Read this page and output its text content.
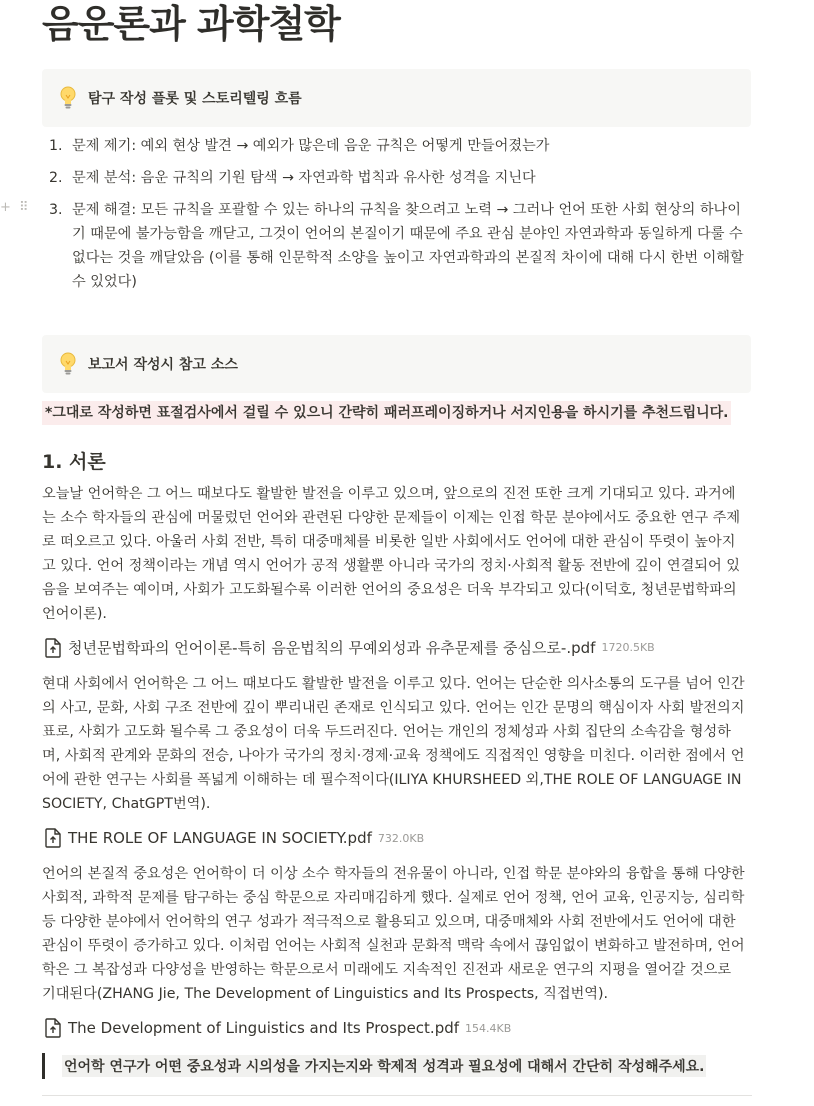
음운론과 과학철학
탐구 작성 플롯 및 스토리텔링 흐름
+ ⠿
1. 문제 제기: 예외 현상 발견 → 예외가 많은데 음운 규칙은 어떻게 만들어졌는가
2. 문제 분석: 음운 규칙의 기원 탐색 → 자연과학 법칙과 유사한 성격을 지닌다
3. 문제 해결: 모든 규칙을 포괄할 수 있는 하나의 규칙을 찾으려고 노력 → 그러나 언어 또한 사회 현상의 하나이기 때문에 불가능함을 깨닫고, 그것이 언어의 본질이기 때문에 주요 관심 분야인 자연과학과 동일하게 다룰 수 없다는 것을 깨달았음 (이를 통해 인문학적 소양을 높이고 자연과학과의 본질적 차이에 대해 다시 한번 이해할 수 있었다)
보고서 작성시 참고 소스
*그대로 작성하면 표절검사에서 걸릴 수 있으니 간략히 패러프레이징하거나 서지인용을 하시기를 추천드립니다.
1. 서론

오늘날 언어학은 그 어느 때보다도 활발한 발전을 이루고 있으며, 앞으로의 진전 또한 크게 기대되고 있다. 과거에는 소수 학자들의 관심에 머물렀던 언어와 관련된 다양한 문제들이 이제는 인접 학문 분야에서도 중요한 연구 주제로 떠오르고 있다. 아울러 사회 전반, 특히 대중매체를 비롯한 일반 사회에서도 언어에 대한 관심이 뚜렷이 높아지고 있다. 언어 정책이라는 개념 역시 언어가 공적 생활뿐 아니라 국가의 정치·사회적 활동 전반에 깊이 연결되어 있음을 보여주는 예이며, 사회가 고도화될수록 이러한 언어의 중요성은 더욱 부각되고 있다(이덕호, 청년문법학파의 언어이론).

청년문법학파의 언어이론-특히 음운법칙의 무예외성과 유추문제를 중심으로-.pdf 1720.5KB

현대 사회에서 언어학은 그 어느 때보다도 활발한 발전을 이루고 있다. 언어는 단순한 의사소통의 도구를 넘어 인간의 사고, 문화, 사회 구조 전반에 깊이 뿌리내린 존재로 인식되고 있다. 언어는 인간 문명의 핵심이자 사회 발전의지표로, 사회가 고도화 될수록 그 중요성이 더욱 두드러진다. 언어는 개인의 정체성과 사회 집단의 소속감을 형성하며, 사회적 관계와 문화의 전승, 나아가 국가의 정치·경제·교육 정책에도 직접적인 영향을 미친다. 이러한 점에서 언어에 관한 연구는 사회를 폭넓게 이해하는 데 필수적이다(ILIYA KHURSHEED 외,THE ROLE OF LANGUAGE IN SOCIETY, ChatGPT번역).

THE ROLE OF LANGUAGE IN SOCIETY.pdf 732.0KB

언어의 본질적 중요성은 언어학이 더 이상 소수 학자들의 전유물이 아니라, 인접 학문 분야와의 융합을 통해 다양한 사회적, 과학적 문제를 탐구하는 중심 학문으로 자리매김하게 했다. 실제로 언어 정책, 언어 교육, 인공지능, 심리학 등 다양한 분야에서 언어학의 연구 성과가 적극적으로 활용되고 있으며, 대중매체와 사회 전반에서도 언어에 대한 관심이 뚜렷이 증가하고 있다. 이처럼 언어는 사회적 실천과 문화적 맥락 속에서 끊임없이 변화하고 발전하며, 언어학은 그 복잡성과 다양성을 반영하는 학문으로서 미래에도 지속적인 진전과 새로운 연구의 지평을 열어갈 것으로 기대된다(ZHANG Jie, The Development of Linguistics and Its Prospects, 직접번역).

The Development of Linguistics and Its Prospect.pdf 154.4KB
언어학 연구가 어떤 중요성과 시의성을 가지는지와 학제적 성격과 필요성에 대해서 간단히 작성해주세요.
